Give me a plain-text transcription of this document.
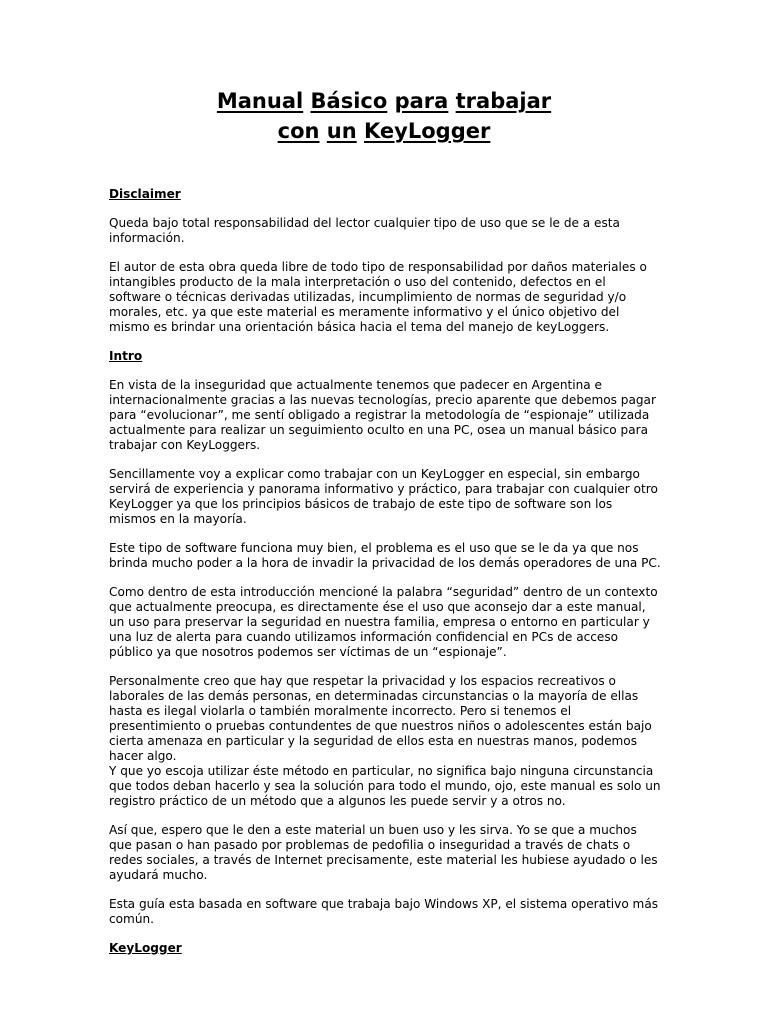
Manual Básico para trabajar
con un KeyLogger
Disclaimer

Queda bajo total responsabilidad del lector cualquier tipo de uso que se le de a esta información.

El autor de esta obra queda libre de todo tipo de responsabilidad por daños materiales o intangibles producto de la mala interpretación o uso del contenido, defectos en el software o técnicas derivadas utilizadas, incumplimiento de normas de seguridad y/o morales, etc. ya que este material es meramente informativo y el único objetivo del mismo es brindar una orientación básica hacia el tema del manejo de keyLoggers.

Intro

En vista de la inseguridad que actualmente tenemos que padecer en Argentina e internacionalmente gracias a las nuevas tecnologías, precio aparente que debemos pagar para “evolucionar”, me sentí obligado a registrar la metodología de “espionaje” utilizada actualmente para realizar un seguimiento oculto en una PC, osea un manual básico para trabajar con KeyLoggers.

Sencillamente voy a explicar como trabajar con un KeyLogger en especial, sin embargo servirá de experiencia y panorama informativo y práctico, para trabajar con cualquier otro KeyLogger ya que los principios básicos de trabajo de este tipo de software son los mismos en la mayoría.

Este tipo de software funciona muy bien, el problema es el uso que se le da ya que nos brinda mucho poder a la hora de invadir la privacidad de los demás operadores de una PC.

Como dentro de esta introducción mencioné la palabra “seguridad” dentro de un contexto que actualmente preocupa, es directamente ése el uso que aconsejo dar a este manual, un uso para preservar la seguridad en nuestra familia, empresa o entorno en particular y una luz de alerta para cuando utilizamos información confidencial en PCs de acceso público ya que nosotros podemos ser víctimas de un “espionaje”.

Personalmente creo que hay que respetar la privacidad y los espacios recreativos o laborales de las demás personas, en determinadas circunstancias o la mayoría de ellas hasta es ilegal violarla o también moralmente incorrecto. Pero si tenemos el presentimiento o pruebas contundentes de que nuestros niños o adolescentes están bajo cierta amenaza en particular y la seguridad de ellos esta en nuestras manos, podemos hacer algo.

Y que yo escoja utilizar éste método en particular, no significa bajo ninguna circunstancia que todos deban hacerlo y sea la solución para todo el mundo, ojo, este manual es solo un registro práctico de un método que a algunos les puede servir y a otros no.

Así que, espero que le den a este material un buen uso y les sirva. Yo se que a muchos que pasan o han pasado por problemas de pedofilia o inseguridad a través de chats o redes sociales, a través de Internet precisamente, este material les hubiese ayudado o les ayudará mucho.

Esta guía esta basada en software que trabaja bajo Windows XP, el sistema operativo más común.

KeyLogger
